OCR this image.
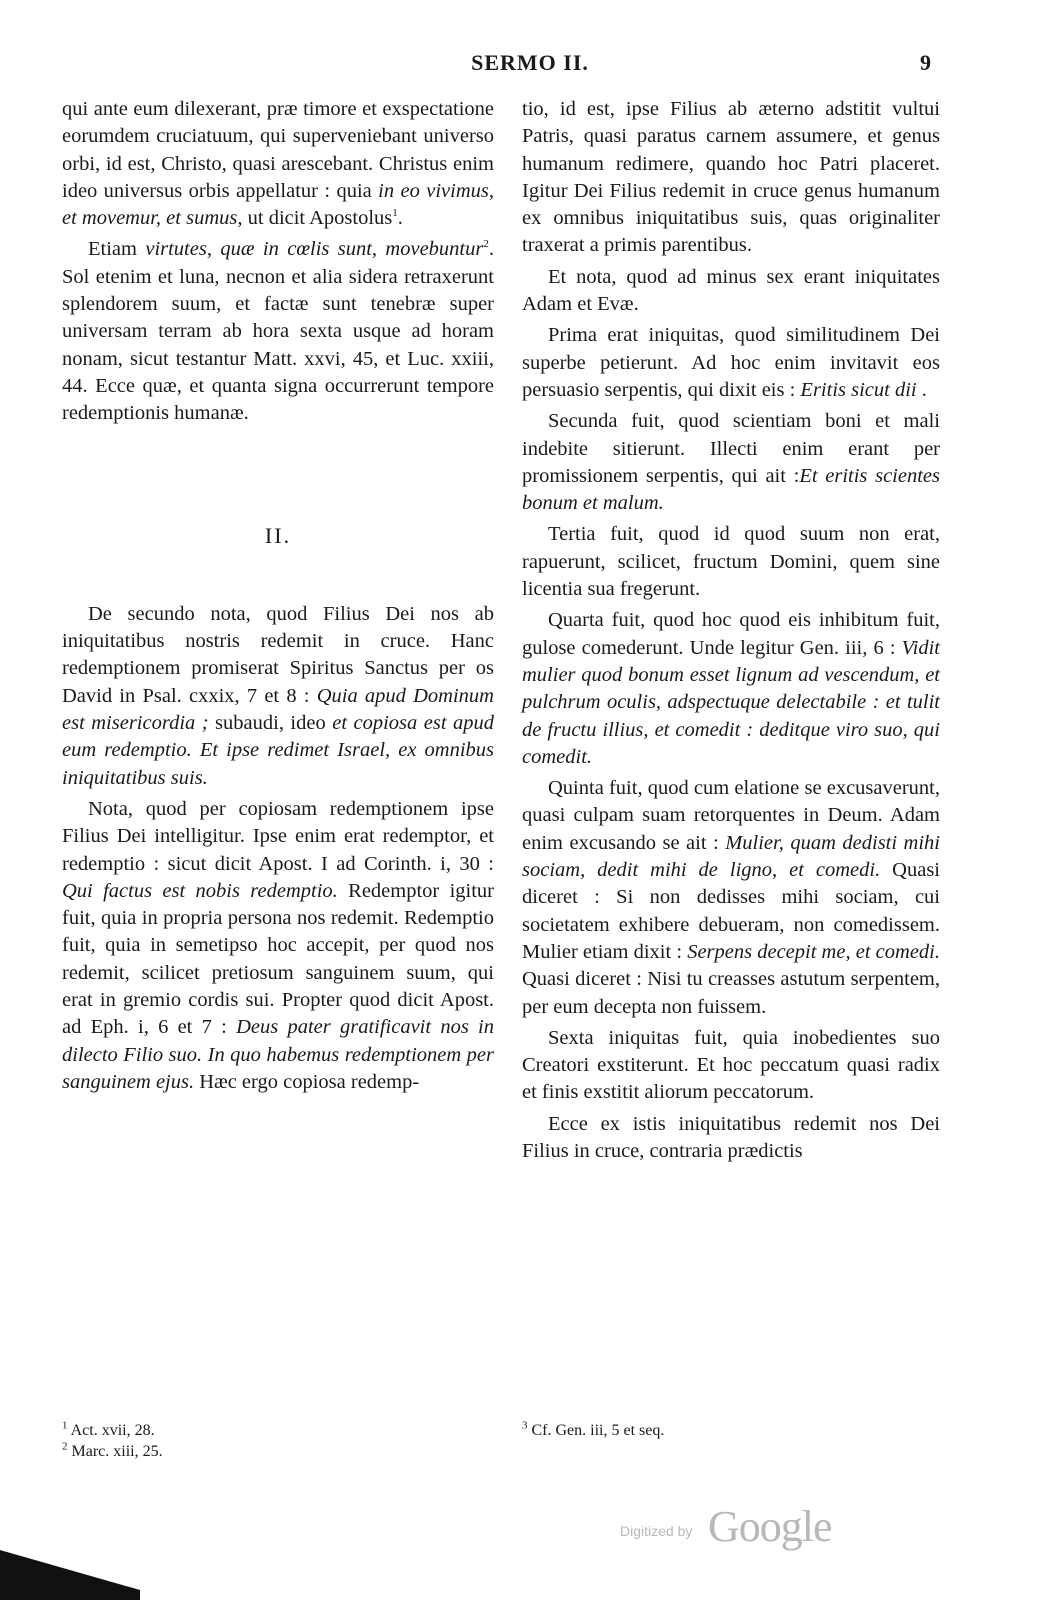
SERMO II.	9

qui ante eum dilexerant, præ timore et exspectatione eorumdem cruciatuum, qui superveniebant universo orbi, id est, Christo, quasi arescebant. Christus enim ideo universus orbis appellatur : quia in eo vivimus, et movemur, et sumus, ut dicit Apostolus$^1$.

Etiam virtutes, quæ in cœlis sunt, movebuntur$^2$. Sol etenim et luna, necnon et alia sidera retraxerunt splendorem suum, et factæ sunt tenebræ super universam terram ab hora sexta usque ad horam nonam, sicut testantur Matt. xxvi, 45, et Luc. xxiii, 44. Ecce quæ, et quanta signa occurrerunt tempore redemptionis humanæ.

II.

De secundo nota, quod Filius Dei nos ab iniquitatibus nostris redemit in cruce. Hanc redemptionem promiserat Spiritus Sanctus per os David in Psal. cxxix, 7 et 8 : Quia apud Dominum est misericordia ; subaudi, ideo et copiosa est apud eum redemptio. Et ipse redimet Israel, ex omnibus iniquitatibus suis.

Nota, quod per copiosam redemptionem ipse Filius Dei intelligitur. Ipse enim erat redemptor, et redemptio : sicut dicit Apost. I ad Corinth. i, 30 : Qui factus est nobis redemptio. Redemptor igitur fuit, quia in propria persona nos redemit. Redemptio fuit, quia in semetipso hoc accepit, per quod nos redemit, scilicet pretiosum sanguinem suum, qui erat in gremio cordis sui. Propter quod dicit Apost. ad Eph. i, 6 et 7 : Deus pater gratificavit nos in dilecto Filio suo. In quo habemus redemptionem per sanguinem ejus. Hæc ergo copiosa redemp-

tio, id est, ipse Filius ab æterno adstitit vultui Patris, quasi paratus carnem assumere, et genus humanum redimere, quando hoc Patri placeret. Igitur Dei Filius redemit in cruce genus humanum ex omnibus iniquitatibus suis, quas originaliter traxerat a primis parentibus.

Et nota, quod ad minus sex erant iniquitates Adam et Evæ.

Prima erat iniquitas, quod similitudinem Dei superbe petierunt. Ad hoc enim invitavit eos persuasio serpentis, qui dixit eis : Eritis sicut dii .

Secunda fuit, quod scientiam boni et mali indebite sitierunt. Illecti enim erant per promissionem serpentis, qui ait :Et eritis scientes bonum et malum.

Tertia fuit, quod id quod suum non erat, rapuerunt, scilicet, fructum Domini, quem sine licentia sua fregerunt.

Quarta fuit, quod hoc quod eis inhibitum fuit, gulose comederunt. Unde legitur Gen. iii, 6 : Vidit mulier quod bonum esset lignum ad vescendum, et pulchrum oculis, adspectuque delectabile : et tulit de fructu illius, et comedit : deditque viro suo, qui comedit.

Quinta fuit, quod cum elatione se excusaverunt, quasi culpam suam retorquentes in Deum. Adam enim excusando se ait : Mulier, quam dedisti mihi sociam, dedit mihi de ligno, et comedi. Quasi diceret : Si non dedisses mihi sociam, cui societatem exhibere debueram, non comedissem. Mulier etiam dixit : Serpens decepit me, et comedi. Quasi diceret : Nisi tu creasses astutum serpentem, per eum decepta non fuissem.

Sexta iniquitas fuit, quia inobedientes suo Creatori exstiterunt. Et hoc peccatum quasi radix et finis exstitit aliorum peccatorum.

Ecce ex istis iniquitatibus redemit nos Dei Filius in cruce, contraria prædictis

$^1$ Act. xvii, 28.
$^2$ Marc. xiii, 25.
$^3$ Cf. Gen. iii, 5 et seq.
Digitized by Google
